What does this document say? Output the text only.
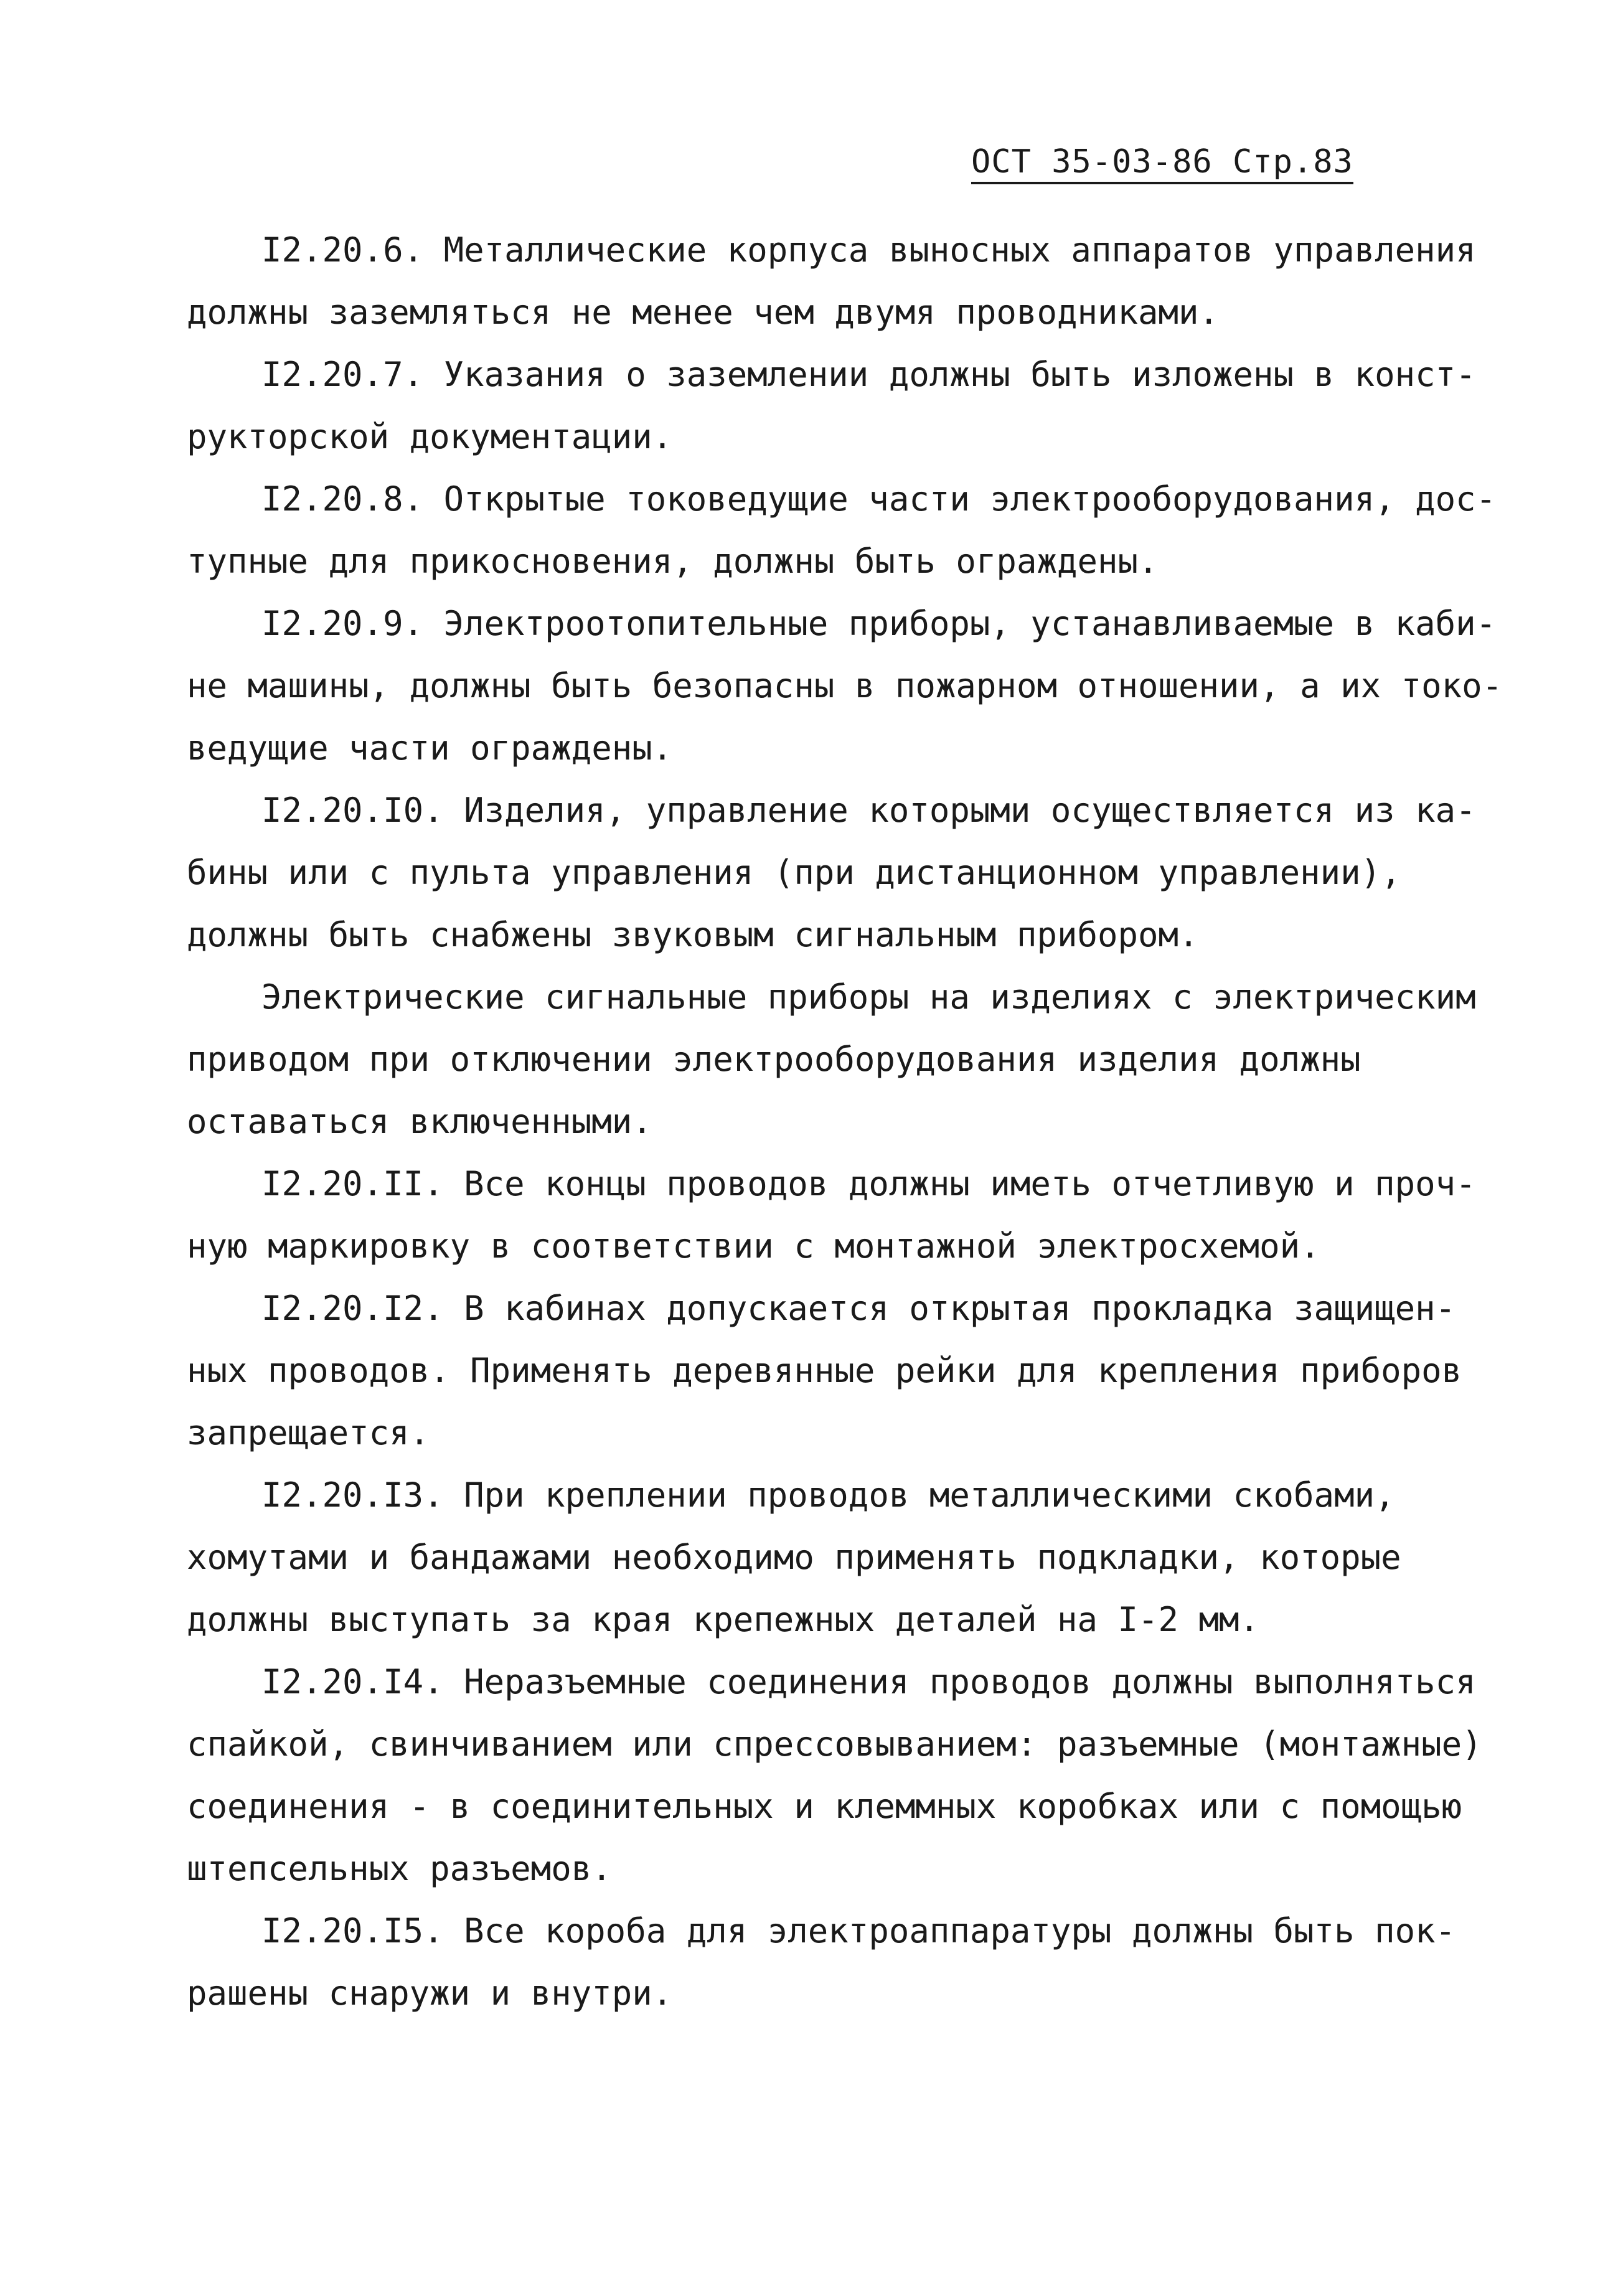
ОСТ 35-03-86 Стр.83
I2.20.6. Металлические корпуса выносных аппаратов управления
должны заземляться не менее чем двумя проводниками.
I2.20.7. Указания о заземлении должны быть изложены в конст-
рукторской документации.
I2.20.8. Открытые токоведущие части электрооборудования, дос-
тупные для прикосновения, должны быть ограждены.
I2.20.9. Электроотопительные приборы, устанавливаемые в каби-
не машины, должны быть безопасны в пожарном отношении, а их токо-
ведущие части ограждены.
I2.20.I0. Изделия, управление которыми осуществляется из ка-
бины или с пульта управления (при дистанционном управлении),
должны быть снабжены звуковым сигнальным прибором.
Электрические сигнальные приборы на изделиях с электрическим
приводом при отключении электрооборудования изделия должны
оставаться включенными.
I2.20.II. Все концы проводов должны иметь отчетливую и проч-
ную маркировку в соответствии с монтажной электросхемой.
I2.20.I2. В кабинах допускается открытая прокладка защищен-
ных проводов. Применять деревянные рейки для крепления приборов
запрещается.
I2.20.I3. При креплении проводов металлическими скобами,
хомутами и бандажами необходимо применять подкладки, которые
должны выступать за края крепежных деталей на I-2 мм.
I2.20.I4. Неразъемные соединения проводов должны выполняться
спайкой, свинчиванием или спрессовыванием: разъемные (монтажные)
соединения - в соединительных и клеммных коробках или с помощью
штепсельных разъемов.
I2.20.I5. Все короба для электроаппаратуры должны быть пок-
рашены снаружи и внутри.
